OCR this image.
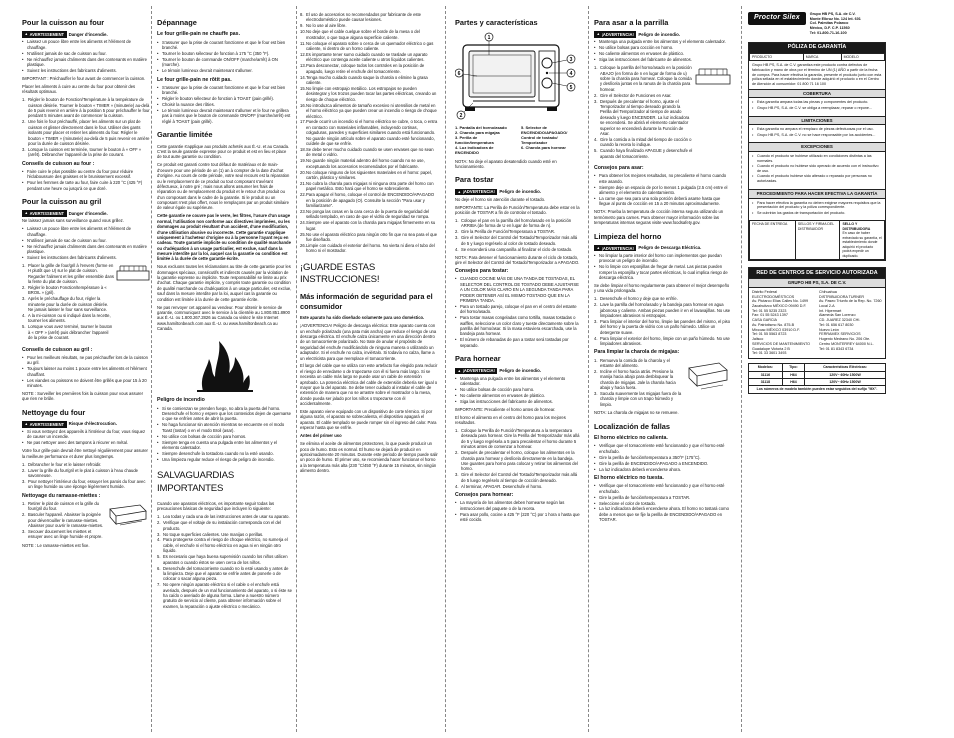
Pour la cuisson au four
▲ AVERTISSEMENT Danger d'incendie.
• Laissez un pouce libre entre les aliments et l'élément de chauffage.
• N'utilisez jamais de sac de cuisson au four.
• Ne réchauffez jamais d'aliments dans des contenants en matière plastique.
• Suivez les instructions des fabricants d'aliments.

IMPORTANT : Préchauffer le four avant de commencer la cuisson.

Placer les aliments à cuire au centre du four pour obtenir des résultats optimaux.

1. Régler le bouton de Fonction/Température à la température de cuisson désirée. Tourner le bouton « TIMER » (minuterie) au-delà de 5 puis revenir en arrière à la position 5 pour préchauffer le four pendant 5 minutes avant de commencer la cuisson.
2. Une fois le four préchauffé, placer les aliments sur un plat de cuisson et glisser directement dans le four. Utiliser des gants isolants pour placer et retirer les aliments du four. Régler le bouton « TIMER » (minuterie) au-delà de 5 puis revenir en arrière pour la durée de cuisson désirée.
3. Lorsque la cuisson est terminée, tourner le bouton à « OFF » (arrêt). Débrancher l'appareil de la prise de courant.
Conseils de cuisson au four :
• Faire cuire le plus possible au centre du four pour réduire l'éclaboussure des graisses et le brunissement excessif.
• Pour les femmes de tarte au four, faire cuire à 220 °C (425 °F) pendant une heure ou jusqu'à ce que doré.
Pour la cuisson au gril
▲ AVERTISSEMENT Danger d'incendie.

Ne laissez jamais sans surveillance quand vous grillez.

• Laissez un pouce libre entre les aliments et l'élément de chauffage.
• N'utilisez jamais de sac de cuisson au four.
• Ne réchauffez jamais d'aliments dans des contenants en matière plastique.
• Suivez les instructions des fabricants d'aliments.
1. Placer la grille de four/gril à l'envers (forme en H plutôt que U) sur le plat de cuisson. Regarder l'aliment et les griller ensemble dans la fente du plat de cuisson.
2. Régler le bouton Fonction/température à « BROIL » (gril).
3. Après le préchauffage du four, régler la minuterie pour la durée de cuisson désirée. Ne jamais laisser le four sans surveillance.
4. A la mi-cuisson ou si indiqué dans la recette, tourner les aliments.
5. Lorsque vous avez terminé, tourner le bouton à « OFF » (arrêt) puis débrancher l'appareil de la prise de courant.
Conseils de cuisson au gril :
• Pour les meilleurs résultats, ne pas préchauffer lors de la cuisson au gril.
• Toujours laisser au moins 1 pouce entre les aliments et l'élément chauffant.
• Les viandes ou poissons ne doivent être grillés que pour 15 à 20 minutes.

NOTE : Surveiller les premières fois la cuisson pour vous assurer que rien ne brûle.

Nettoyage du four
▲ AVERTISSEMENT Risque d'électrocution.
• Si vous nettoyez des appareils à l'intérieur du four, vous risquez de causer un incendie.
• Ne pas nettoyer avec des tampons à récurer en métal.

Votre four grille-pain devrait être nettoyé régulièrement pour assurer la meilleure performance et durer plus longtemps.

1. Débrancher le four et le laisser refroidir.
2. Laver la grille du four/gril et le plat à cuisson à l'eau chaude savonneuse.
3. Pour nettoyer l'intérieur du four, essuyer les parois du four avec un linge humide ou une éponge légèrement humide.
Nettoyage du ramasse-miettes :
1. Retirer le plat de cuisson et la grille du four/gril du four.
2. Basculer l'appareil. Abaisser la poignée pour déverrouiller le ramasse-miettes. Abaisser pour ouvrir le ramasse-miettes.
3. Secouer doucement les miettes et essuyer avec un linge humide et propre.

NOTE : Le ramasse-miettes est fixe.

Dépannage
Le four grille-pain ne chauffe pas.
• S'assurer que la prise de courant fonctionne et que le four est bien branché.
• Tourner le bouton sélecteur de fonction à 175 °C (350 °F).
• Tourner le bouton de commande ON/OFF (marche/arrêt) à ON (marche).
• Le témoin lumineux devrait maintenant s'allumer.
Le four grille-pain ne rôtit pas.
• S'assurer que la prise de courant fonctionne et que le four est bien branché.
• Régler le bouton sélecteur de fonction à TOAST (pain grillé).
• Choisir la nuance des rôties.
• Le témoin lumineux devrait maintenant s'allumer et le four ne grillera pas à moins que le bouton de commande ON/OFF (marche/arrêt) est réglé à TOAST (pain grillé).
Garantie limitée

Cette garantie s'applique aux produits achetés aux É.-U. et au Canada. C'est la seule garantie expresse pour ce produit et est en lieu et place de tout autre garantie ou condition.

Ce produit est garanti contre tout défaut de matériaux et de main-d'oeuvre pour une période de un (1) an à compter de la date d'achat d'origine. Au cours de cette période, votre seul recours est la réparation ou le remplacement de ce produit ou tout composant s'avérant défectueux, à notre gré ; mais nous allons assumer les frais de réparation ou de remplacement du produit et le retour d'un produit ou d'un composant dans le cadre de la garantie. Si le produit ou un composant n'est plus offert, nous le remplaçons par un produit similaire de valeur égale ou supérieure.

Cette garantie ne couvre pas le verre, les filtres, l'usure d'un usage normal, l'utilisation non conforme aux directives imprimées, ou les dommages au produit résultant d'un accident, d'une modification, d'une utilisation abusive ou incorrecte. Cette garantie s'applique uniquement à l'acheteur d'origine ou à la personne l'ayant reçu en cadeau. Toute garantie implicite ou condition de qualité marchande ou d'adéquation à un usage particulier, est exclue, sauf dans la mesure interdite par la loi, auquel cas la garantie ou condition est limitée à la durée de cette garantie écrite.

Nous excluons toutes les réclamations au titre de cette garantie pour les dommages spéciaux, consécutifs et indirects causés par la violation de la garantie expresse ou implicite. Toute responsabilité se limite au prix d'achat. Chaque garantie implicite, y compris toute garantie ou condition de qualité marchande ou d'adéquation à un usage particulier, est exclue, sauf dans la mesure interdite par la loi, auquel cas la garantie ou condition est limitée à la durée de cette garantie écrite.

Ne pas renvoyer cet appareil au vendeur. Pour obtenir le service de garantie, communiquez avec le service à la clientèle au 1.800.851.8900 aux É.-U. ou 1.800.267.2826 au Canada ou visitez le site Internet www.hamiltonbeach.com aux É.-U. ou www.hamiltonbeach.ca au Canada.

Peligro de incendio
• Si se comienzan se prenden fuego, no abra la puerta del horno. Desenchufe el horno y espere que los contenidos dejen de quemarse o que se enfríen antes de abrir la puerta.
• No haga funcionar sin atención mientras se encuentre en el modo Toast (tostar) o en el modo Broil (asar).
• No utilice con bolsas de cocción para hornos.
• Siempre tenga en cuenta una pulgada entre los alimentos y el elemento calentador.
• Siempre desenchufe la tostadora cuando no la esté usando.
• Una limpieza regular reduce el riesgo de peligro de incendio.
SALVAGUARDIAS IMPORTANTES

Cuando use aparatos eléctricos, es importante seguir todas las precauciones básicas de seguridad que incluyen lo siguiente:

1. Lea todas y cada una de las instrucciones antes de usar su aparato.
2. Verifique que el voltaje de su instalación corresponda con el del producto.
3. No toque superficies calientes. Use manijas o perillas.
4. Para protegerse contra el riesgo de choque eléctrico, no sumerja el cable, el enchufe ni el horno eléctrico en agua ni en ningún otro líquido.
5. Es necesario que haya buena supervisión cuando los niños utilicen aparatos o cuando éstos se usen cerca de los niños.
6. Desenchufe del tomacorriente cuando no lo esté usando y antes de la limpieza. Deje que el aparato se enfríe antes de ponerle o de colocar o sacar alguna pieza.
7. No opere ningún aparato eléctrico si el cable o el enchufe está averiado, después de un mal funcionamiento del aparato, o si éste se ha caído o averiado de alguna forma. Llame a nuestro número gratuito de servicio al cliente, para obtener información sobre el examen, la reparación o ajuste eléctrico o mecánico.
8. El uso de accesorios no recomendados por fabricante de este electrodoméstico puede causar lesiones.
9. No lo use al aire libre.
10. No deje que el cable cuelgue sobre el borde de la mesa o del mostrador, o que toque alguna superficie caliente.
11. No coloque el aparato sobre o cerca de un quemador eléctrico o gas caliente, ni dentro de un horno caliente.
12. Es importante tener sumo cuidado cuando se traslade un aparato eléctrico que contenga aceite caliente u otros líquidos calientes.
13. Para desconectar, coloque todos los controles en la posición de apagado, luego retire el enchufe del tomacorriente.
14. Tenga mucho cuidado cuando saque la charola o elimine la grasa caliente.
15. No limpie con estropajo metálico. Los estropajos se pueden desintegrar y los trozos pueden tocar las partes eléctricas, creando un riesgo de choque eléctrico.
16. No introduzca alimentos de tamaño excesivo ni utensilios de metal en el horno eléctrico ya que pueden crear un incendio o riesgo de choque eléctrico.
17. Puede ocurrir un incendio si el horno eléctrico se cubre, o toca, o entra en contacto con materiales inflamables, incluyendo cortinas, colgaduras, paredes y superficies similares cuando está funcionando. No guarde ningún artículo sobre el aparato cuando esté funcionando, cuídele de que se enfríe.
18. Se debe tener mucho cuidado cuando se usen envases que no sean de metal o vidrio.
19. No guarde ningún material adentro del horno cuando no se use, exceptuando los accesorios recomendados por el fabricante.
20. No coloque ninguno de los siguientes materiales en el horno: papel, cartón, plástico y similares.
21. No cubra la charola para migajas ni ninguna otra parte del horno con papel metálico. Esto hará que el horno se sobrecaliente.
22. Para apagar el horno, coloque el control de ENCENDIDO/APAGADO en la posición de apagado (O). Consulte la sección "Para usar y familiarizarse".
23. No ponga las cosas en la cara cerca de la puerta de seguridad del sellado templado, en caso de que el vidrio de seguridad se rompa.
24. Siempre use el aparato con la charola para migajas firmemente en su lugar.
25. No use el aparato eléctrico para ningún otro fin que no sea para el que fue diseñado.
26. Limpie con cuidado el exterior del horno. No vierta ni diera el tubo del horno ni el mostrador.
¡GUARDE ESTAS INSTRUCCIONES!
Más información de seguridad para el consumidor

Este aparato ha sido diseñado solamente para uso doméstico.

¡ADVERTENCIA! Peligro de descarga eléctrica: Este aparato cuenta con un enchufe polarizado (una pata más ancha) que reduce el riesgo de una descarga eléctrica. El enchufe calza únicamente en una dirección dentro de un tomacorriente polarizado. No trate de anular el propósito de seguridad del enchufe modificándolo de ninguna manera o utilizando un adaptador. Si el enchufe no calza, inviértalo. Si todavía no calza, llame a un electricista para que reemplace el tomacorriente.

El largo del cable que se utiliza con este artefacto fue elegido para reducir el riesgo de enredarse o de tropezarse con él si fuera más largo. Si se necesita un cable más largo se puede usar un cable de extensión aprobado. La potencia eléctrica del cable de extensión debería ser igual o mayor que la del aparato. Se debe tener cuidado al instalar el cable de extensión de manera que no se arrastre sobre el mostrador o la mesa, donde pueda ser jalado por los niños o tropezarse con él accidentalmente.

Este aparato viene equipado con un dispositivo de corte térmico. Si por alguna razón, el aparato se sobrecalienta, el dispositivo apagará el aparato. El cable templado se puede romper sin el ingreso del calor. Para esperar hasta que se enfríe.

Antes del primer uso

Se elimina el aceite de alimentos protectores, lo que puede producir un poco de humo. Esto es normal. El humo se dejará de producir en aproximadamente 20 minutos. Durante este periodo de tiempo puede salir un poco de humo. El primer uso, se recomienda hacer funcionar el horno a la temperatura más alta (230 °C/450 °F) durante 15 minutos, sin ningún alimento dentro.

Partes y características
1
2
3
4
5
6
1. Pantalla del horno/asado
2. Charola para migajas
3. Perilla de función/temperatura
4. Luz indicadora de ENCENDIDO
5. Selector de ENCENDIDO/APAGADO/ Control de tostado/ Temporizador
6. Charola para hornear

NOTA: No deje el aparato desatendido cuando esté en funcionamiento.

Para tostar
▲ ¡ADVERTENCIA! Peligro de incendio.

No deje el horno sin atención durante el tostado.

IMPORTANTE: La Perilla de Función/Temperatura debe estar en la posición de TOSTAR a fin de controlar el tostado.

1. Coloque el pan en la parrilla del horno/asado en la posición ARRIBA (de forma de U en lugar de forma de n).
2. Gire la Perilla de Función/Temperatura a TOSTAR.
3. Gire el Selector del Control del Tostado/Temporizador más allá de 5 y luego regréselo al color de tostado deseado.
4. Se encenderá una campanilla al finalizar el ciclo de tostado.

NOTA: Para detener el funcionamiento durante el ciclo de tostado, gire el Selector del Control del Tostado/Temporizador a APAGADO.

Consejos para tostar:
• CUANDO COCINE MÁS DE UNA TANDA DE TOSTADAS, EL SELECTOR DEL CONTROL DE TOSTADO DEBE AJUSTARSE A UN COLOR MÁS CLARO EN LA SEGUNDA TANDA PARA PODER OBTENER ASÍ EL MISMO TOSTADO QUE EN LA PRIMERA TANDA.
• Para un tostado parejo, coloque el pan en el centro del estante del horno/asado.
• Para tostar masas congeladas como tortilla, masas tostadas o waffles, seleccione un color claro y tueste directamente sobre la parrilla del horno/asar. Si la masa estuviera escarchada, use la bandeja para hornear.
• El número de rebanadas de pan a tostar será tostadas por separado.
Para hornear
▲ ¡ADVERTENCIA! Peligro de incendio.
• Mantenga una pulgada entre los alimentos y el elemento calentador.
• No utilice bolsas de cocción para horno.
• No caliente alimentos en envases de plástico.
• Siga las instrucciones del fabricante de alimentos.

IMPORTANTE: Precaliente el horno antes de hornear.

El horno el alimento en el centro del horno para los mejores resultados.

1. Coloque la Perilla de Función/Temperatura a la temperatura deseada para hornear. Gire la Perilla del Temporizador más allá de 5 y luego regrésela a 5 para precalentar el horno durante 5 minutos antes de comenzar a hornear.
2. Después de precalentar el horno, coloque los alimentos en la charola para hornear y deslícela directamente en la bandeja. Use guantes para horno para colocar y retirar los alimentos del horno.
3. Gire el Selector del Control del Tostado/Temporizador más allá de 5 luego regréselo al tiempo de cocción deseado.
4. Al terminar, APAGAR. Desenchufe el horno.
Consejos para hornear:
• La mayoría de los alimentos deben hornearse según las instrucciones del paquete o de la receta.
• Para asar pollo, cocine a 425 °F (220 °C) por 1 hora o hasta que esté cocido.
Para asar a la parrilla
▲ ¡ADVERTENCIA! Peligro de incendio.
• Mantenga una pulgada entre los alimentos y el elemento calentador.
• No utilice bolsas para cocción en horno.
• No caliente alimentos en envases de plástico.
• Siga las instrucciones del fabricante de alimentos.
1. Coloque la parrilla del horno/asado en la posición ABAJO (en forma de n en lugar de forma de u) sobre la charola para hornear. Coloque la comida y deslícela juntas en la ranura de la charola para hornear.
2. Gire el Selector de Funciones en Asar.
3. Después de precalentar el horno, ajuste el Temporizador al tiempo deseado girando la Perilla del Temporizador al tiempo de asado deseado y luego ENCENDER. La luz indicadora se encenderá. Se abrirá el elemento calentador superior se encenderá durante la Función de Asar.
4. Gire la comida a la mitad del tiempo de cocción o cuando la receta lo indique.
5. Cuando haya finalizado APAGUE y desenchufe el aparato del tomacorriente.
Consejos para asar:
• Para obtener los mejores resultados, no precaliente el horno cuando este asando.
• Siempre deje un espacio de por lo menos 1 pulgada (2.5 cm) entre el alimento y el elemento de calentamiento.
• La carne que sea para una sola porción deberá asarse hasta que llegue al punto de cocción en 15 a 20 minutos aproximadamente.

NOTA: Prueba la temperatura de cocción interna segura utilizando un termómetro para carnes. Para obtener mayor información sobre las temperaturas internas seguras visite www.foodsafety.gov.

Limpieza del horno
▲ ¡ADVERTENCIA! Peligro de Descarga Eléctrica.
• No limpiar la parte interior del horno con implementos que puedan provocar un peligro de incendio.
• No lo limpie con esponjillas de fregar de metal. Las piezas pueden romper la esponjilla y tocar partes eléctricas, lo cual implica riesgo de descarga eléctrica.

Se debe limpiar el horno regularmente para obtener el mejor desempeño y una vida prolongada.

1. Desenchufe el horno y deje que se enfríe.
2. Lave la parrilla del horno/asado y la bandeja para hornear en agua jabonosa y caliente. Ambas piezas pueden ir en el lavavajillas. No use limpiadores abrasivos ni estropajos.
3. Para limpiar el interior del horno, limpie las paredes del mismo, el piso del horno y la puerta de vidrio con un paño húmedo. Utilice un detergente suave.
4. Para limpiar el exterior del horno, limpie con un paño húmedo. No use limpiadores abrasivos.
Para limpiar la charola de migajas:
1. Remueva la comida de la charola y el estante del alimento.
2. Incline el horno hacia atrás. Presione la manija hacia abajo para desbloquear la charola de migajas. Jale la charola hacia abajo y hacia fuera.
3. Sacuda suavemente las migajas fuera de la charola y limpie con un trapo húmedo y limpio.

NOTA: La charola de migajas no se remueve.

Localización de fallas
El horno eléctrico no calienta.
• Verifique que el tomacorriente esté funcionando y que el horno esté enchufado.
• Gire la perilla de función/temperatura a 350°F (175°C).
• Gire la perilla de ENCENDIDO/APAGADO a ENCENDIDO.
• La luz indicadora deberá encenderse ahora.
El horno eléctrico no tuesta.
• Verifique que el tomacorriente esté funcionando y que el horno esté enchufado.
• Gire la perilla de función/temperatura a TOSTAR.
• Seleccione el color de tostado.
• La luz indicadora deberá encenderse ahora. El horno no tostará como debe a menos que se fije la perilla de ENCENDIDO/APAGADO en TOSTAR.
Proctor Silex	Grupo HB PS, S.A. de C.V.
Monte Elbruz No. 124 Int. 601
Col. Palmitas Polanco
México, D.F. C.P. 11560
Tel: 01-800-71-16-100
PÓLIZA DE GARANTÍA
PRODUCTO	MARCA	MODELO
Grupo HB PS, S.A. de C.V. garantiza este producto contra defectos de fabricación y mano de obra por el término de UN (1) AÑO a partir de la fecha de compra. Para hacer efectiva la garantía, presente el producto junto con esta póliza sellada en el establecimiento donde adquirió el producto o en el Centro de Atención al consumidor: 01 800 71 16 100
COBERTURA
• Esta garantía ampara todas las piezas y componentes del producto.
• Grupo HB PS, S.A. de C.V. se obliga a reemplazar, reparar o repone...
LIMITACIONES
• Esta garantía no ampara el remplazo de piezas defectuosas por el uso.
• Grupo HB PS, S.A. de C.V. no se hace responsable por los accidentes...
EXCEPCIONES
• Cuando el producto se hubiese utilizado en condiciones distintas a las normales.
• Cuando el producto no hubiese sido operado de acuerdo con el instructivo de uso.
• Cuando el producto hubiese sido alterado o reparado por personas no autorizadas.
PROCEDIMIENTO PARA HACER EFECTIVA LA GARANTÍA
• Para hacer efectiva la garantía no deben exigirse mayores requisitos que la presentación del producto y la póliza correspondiente.
• Se cubrirán los gastos de transportación del producto.
FECHA DE ENTREGA	SELLOS Y FIRMA DEL DISTRIBUIDOR	
SELLO Y DISTRIBUIDORA
En caso de haber extraviado su garantía, el establecimiento donde adquirió el producto podrá expedir un duplicado.
RED DE CENTROS DE SERVICIO AUTORIZADA
GRUPO HB PS, S.A. DE C.V.
Distrito Federal
ELECTRODOMÉSTICOS
Av. Plutarco Elías Calles No. 1499
Zacahuitzco MÉXICO 09490 D.F.
Tel: 01 55 5235 2323
Fax: 01 55 5243 1397
CASA GARCIA
Av. Patriotismo No. 875-B
Mixcoac MÉXICO 03910 D.F.
Tel: 01 55 5563 8723
Jalisco
SERVICIOS DE MANTENIMIENTO
Guadalupe Victoria 2 B
Tel: 01 33 3601 3493
Chihuahua
DISTRIBUIDORA TURNER
Av. Paseo Triunfo de la Rep. No. 7260 Local 2-A
Int. Hipermart
Alameda San Lorenzo
CD. JUAREZ 32340 CHI.
Tel: 01 656 617 8030
Nuevo León
FERRAMEX SERVICIOS
Hugenio Medrano No. 206 Ote.
Centro MONTERREY 64000 N.L.
Tel: 01 81 8343 6734
Modelos:	Tipo:	Características Eléctricas:
31116	H64	120V~ 60Hz 1500W
31118	H64	120V~ 60Hz 1500W
Los números de modelo también pueden estar seguidos del sufijo "MX".		
